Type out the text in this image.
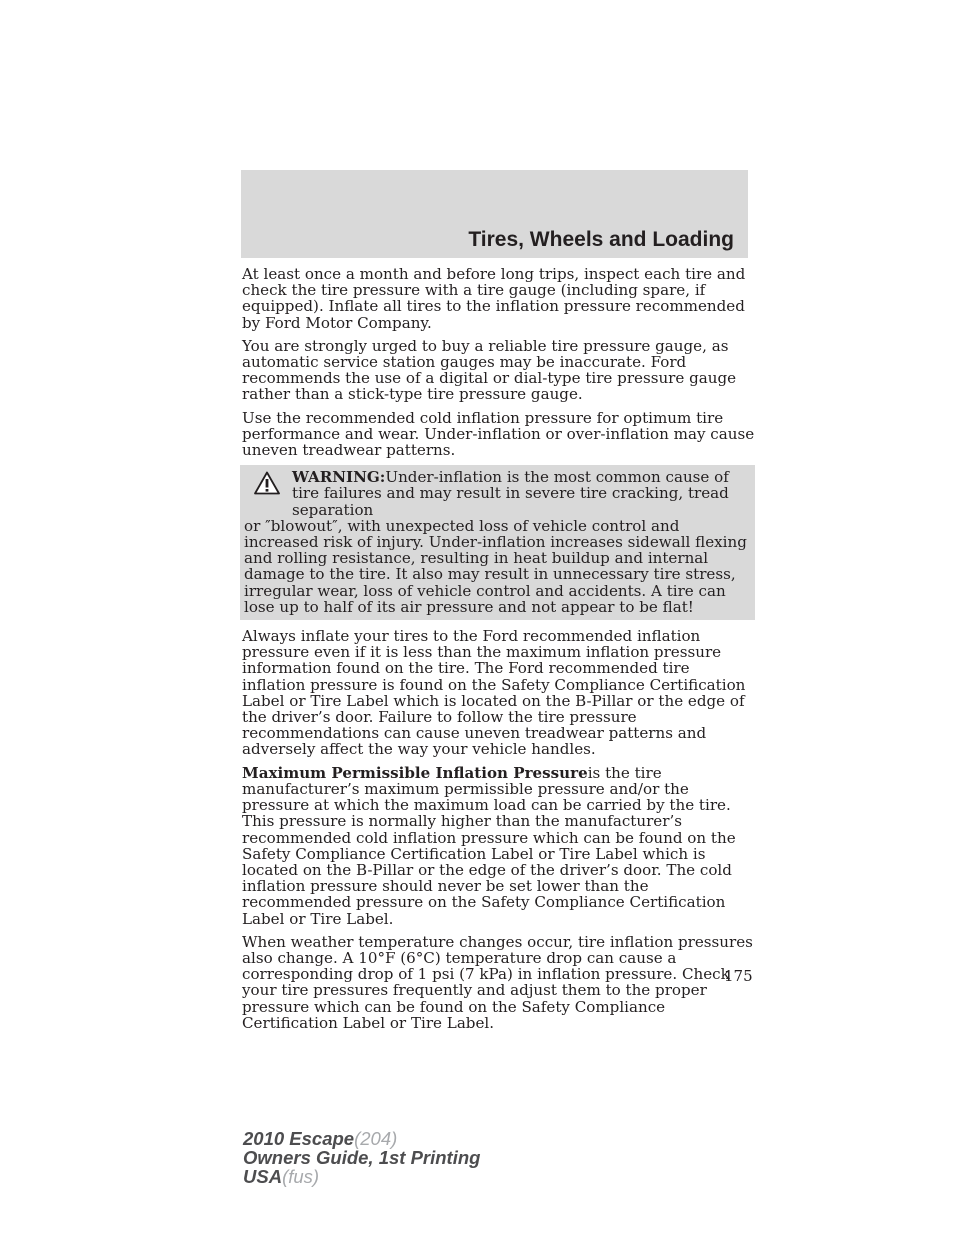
Tires, Wheels and Loading

At least once a month and before long trips, inspect each tire and check the tire pressure with a tire gauge (including spare, if equipped). Inflate all tires to the inflation pressure recommended by Ford Motor Company.

You are strongly urged to buy a reliable tire pressure gauge, as automatic service station gauges may be inaccurate. Ford recommends the use of a digital or dial-type tire pressure gauge rather than a stick-type tire pressure gauge.

Use the recommended cold inflation pressure for optimum tire performance and wear. Under-inflation or over-inflation may cause uneven treadwear patterns.

WARNING:Under-inflation is the most common cause of tire failures and may result in severe tire cracking, tread separation
or ″blowout″, with unexpected loss of vehicle control and increased risk of injury. Under-inflation increases sidewall flexing and rolling resistance, resulting in heat buildup and internal damage to the tire. It also may result in unnecessary tire stress, irregular wear, loss of vehicle control and accidents. A tire can lose up to half of its air pressure and not appear to be flat!

Always inflate your tires to the Ford recommended inflation pressure even if it is less than the maximum inflation pressure information found on the tire. The Ford recommended tire inflation pressure is found on the Safety Compliance Certification Label or Tire Label which is located on the B-Pillar or the edge of the driver’s door. Failure to follow the tire pressure recommendations can cause uneven treadwear patterns and adversely affect the way your vehicle handles.

Maximum Permissible Inflation Pressureis the tire manufacturer’s maximum permissible pressure and/or the pressure at which the maximum load can be carried by the tire. This pressure is normally higher than the manufacturer’s recommended cold inflation pressure which can be found on the Safety Compliance Certification Label or Tire Label which is located on the B-Pillar or the edge of the driver’s door. The cold inflation pressure should never be set lower than the recommended pressure on the Safety Compliance Certification Label or Tire Label.

When weather temperature changes occur, tire inflation pressures also change. A 10°F (6°C) temperature drop can cause a corresponding drop of 1 psi (7 kPa) in inflation pressure. Check your tire pressures frequently and adjust them to the proper pressure which can be found on the Safety Compliance Certification Label or Tire Label.

175
2010 Escape(204)
Owners Guide, 1st Printing
USA(fus)
